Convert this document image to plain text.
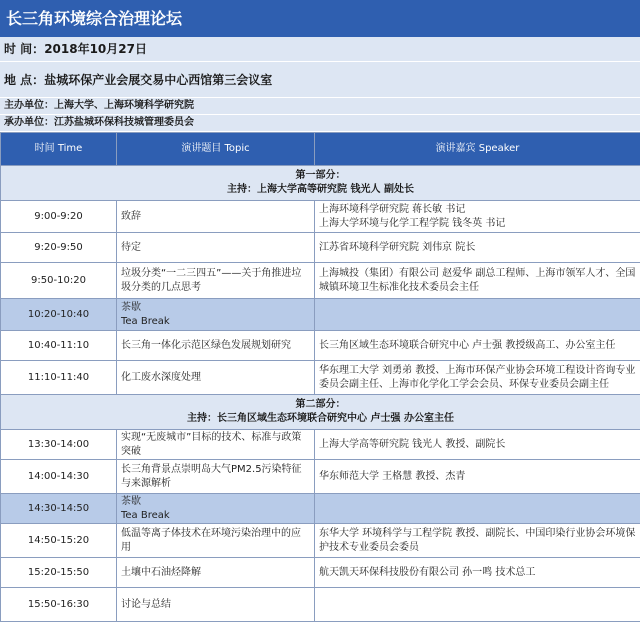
长三角环境综合治理论坛
时 间：2018年10月27日
地 点：盐城环保产业会展交易中心西馆第三会议室
主办单位：上海大学、上海环境科学研究院
承办单位：江苏盐城环保科技城管理委员会
时间 Time	演讲题目 Topic	演讲嘉宾 Speaker

第一部分：
主持：上海大学高等研究院 钱光人 副处长		

9:00-9:20	致辞	上海环境科学研究院 蒋长敏 书记
上海大学环境与化学工程学院 钱冬英 书记

9:20-9:50	待定	江苏省环境科学研究院 刘伟京 院长

9:50-10:20	垃圾分类“一二三四五”——关于角推进垃圾分类的几点思考	上海城投（集团）有限公司 赵爱华 副总工程师、上海市领军人才、全国城镇环境卫生标准化技术委员会主任

10:20-10:40	茶歇
Tea Break	

10:40-11:10	长三角一体化示范区绿色发展规划研究	长三角区域生态环境联合研究中心 卢士强 教授级高工、办公室主任

11:10-11:40	化工废水深度处理	华东理工大学 刘勇弟 教授、上海市环保产业协会环境工程设计咨询专业委员会副主任、上海市化学化工学会会员、环保专业委员会副主任

第二部分：
主持：长三角区域生态环境联合研究中心 卢士强 办公室主任		

13:30-14:00	实现“无废城市”目标的技术、标准与政策突破	上海大学高等研究院 钱光人 教授、副院长

14:00-14:30	长三角背景点崇明岛大气PM2.5污染特征与来源解析	华东师范大学 王格慧 教授、杰青

14:30-14:50	茶歇
Tea Break	

14:50-15:20	低温等离子体技术在环境污染治理中的应用	东华大学 环境科学与工程学院 教授、副院长、中国印染行业协会环境保护技术专业委员会委员

15:20-15:50	土壤中石油烃降解	航天凯天环保科技股份有限公司 孙一鸣 技术总工

15:50-16:30	讨论与总结	
